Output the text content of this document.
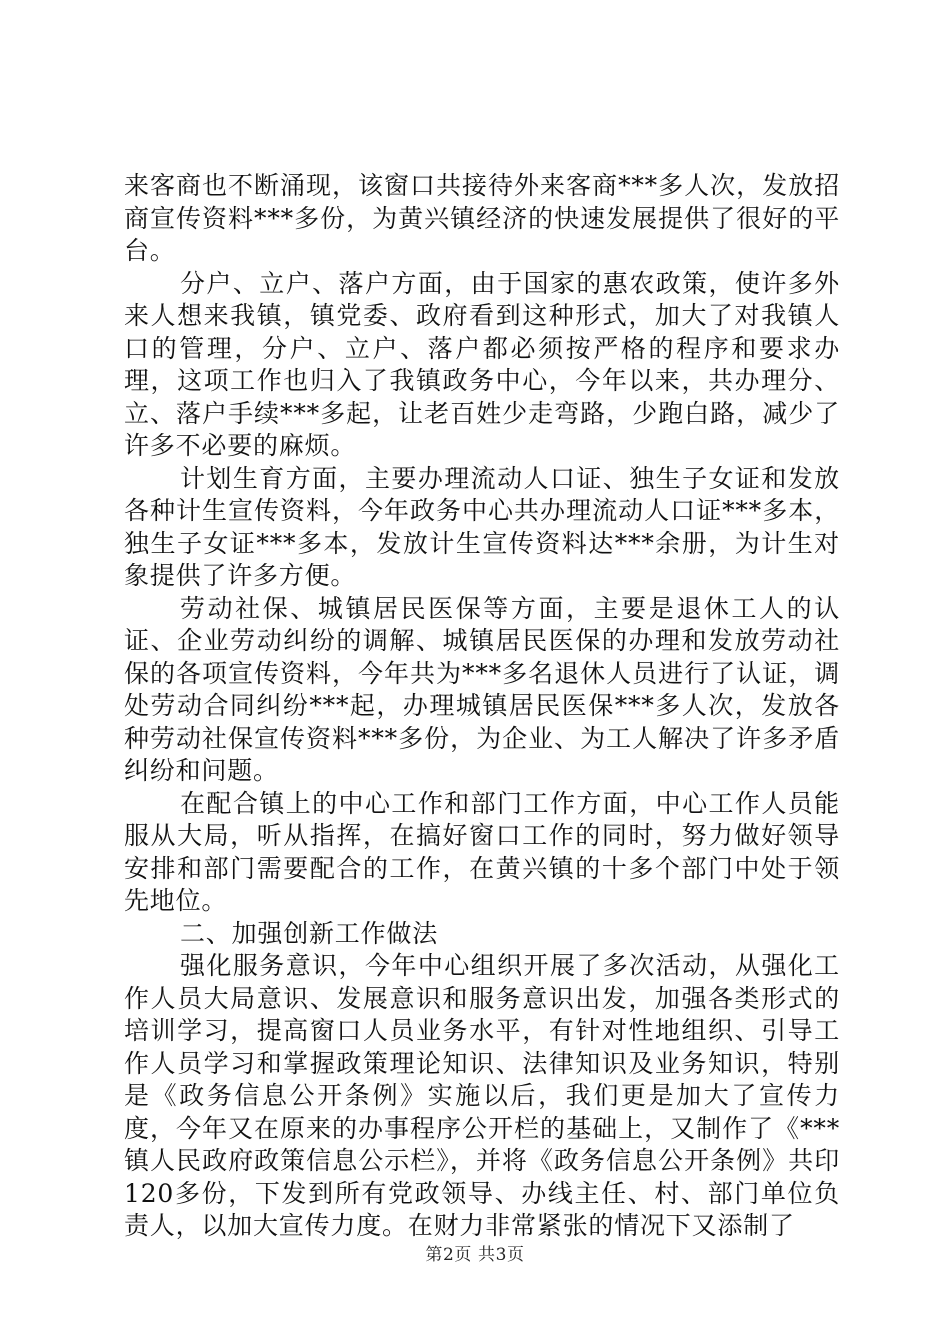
来客商也不断涌现，该窗口共接待外来客商***多人次，发放招商宣传资料***多份，为黄兴镇经济的快速发展提供了很好的平台。

分户、立户、落户方面，由于国家的惠农政策，使许多外来人想来我镇，镇党委、政府看到这种形式，加大了对我镇人口的管理，分户、立户、落户都必须按严格的程序和要求办理，这项工作也归入了我镇政务中心，今年以来，共办理分、立、落户手续***多起，让老百姓少走弯路，少跑白路，减少了许多不必要的麻烦。

计划生育方面，主要办理流动人口证、独生子女证和发放各种计生宣传资料，今年政务中心共办理流动人口证***多本，独生子女证***多本，发放计生宣传资料达***余册，为计生对象提供了许多方便。

劳动社保、城镇居民医保等方面，主要是退休工人的认证、企业劳动纠纷的调解、城镇居民医保的办理和发放劳动社保的各项宣传资料，今年共为***多名退休人员进行了认证，调处劳动合同纠纷***起，办理城镇居民医保***多人次，发放各种劳动社保宣传资料***多份，为企业、为工人解决了许多矛盾纠纷和问题。

在配合镇上的中心工作和部门工作方面，中心工作人员能服从大局，听从指挥，在搞好窗口工作的同时，努力做好领导安排和部门需要配合的工作，在黄兴镇的十多个部门中处于领先地位。

二、加强创新工作做法

强化服务意识，今年中心组织开展了多次活动，从强化工作人员大局意识、发展意识和服务意识出发，加强各类形式的培训学习，提高窗口人员业务水平，有针对性地组织、引导工作人员学习和掌握政策理论知识、法律知识及业务知识，特别是《政务信息公开条例》实施以后，我们更是加大了宣传力度，今年又在原来的办事程序公开栏的基础上，又制作了《***镇人民政府政策信息公示栏》，并将《政务信息公开条例》共印120多份，下发到所有党政领导、办线主任、村、部门单位负责人，以加大宣传力度。在财力非常紧张的情况下又添制了

第2页 共3页
